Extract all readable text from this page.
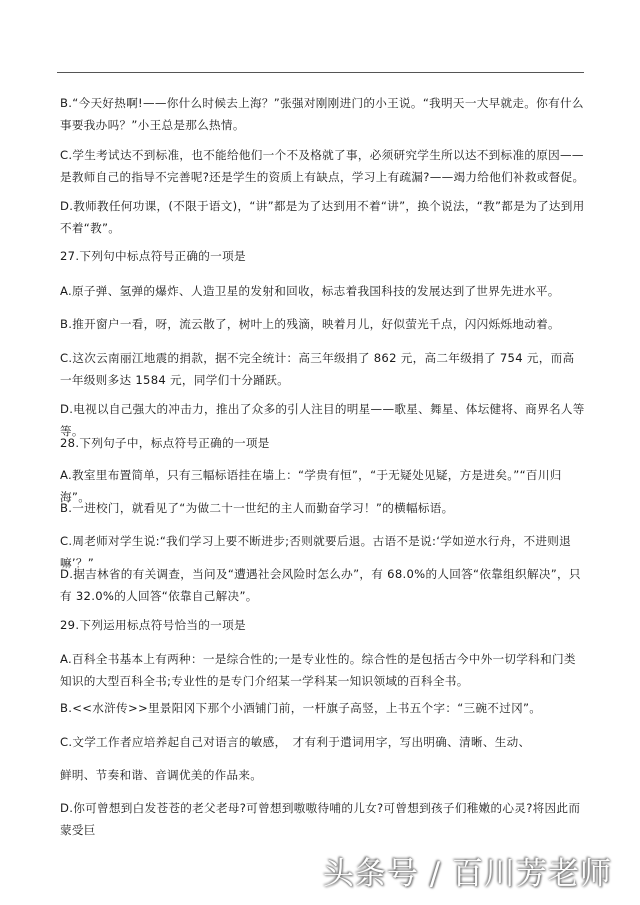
B.“今天好热啊!——你什么时候去上海？”张强对刚刚进门的小王说。“我明天一大早就走。你有什么事要我办吗？”小王总是那么热情。

C.学生考试达不到标准，也不能给他们一个不及格就了事，必须研究学生所以达不到标准的原因——是教师自己的指导不完善呢?还是学生的资质上有缺点，学习上有疏漏?——竭力给他们补救或督促。

D.教师教任何功课，(不限于语文)，“讲”都是为了达到用不着“讲”，换个说法，“教”都是为了达到用不着“教”。

27.下列句中标点符号正确的一项是

A.原子弹、氢弹的爆炸、人造卫星的发射和回收，标志着我国科技的发展达到了世界先进水平。

B.推开窗户一看，呀，流云散了，树叶上的残滴，映着月儿，好似萤光千点，闪闪烁烁地动着。

C.这次云南丽江地震的捐款，据不完全统计：高三年级捐了 862 元，高二年级捐了 754 元，而高一年级则多达 1584 元，同学们十分踊跃。

D.电视以自己强大的冲击力，推出了众多的引人注目的明星——歌星、舞星、体坛健将、商界名人等等。

28.下列句子中，标点符号正确的一项是

A.教室里布置简单，只有三幅标语挂在墙上：“学贵有恒”，“于无疑处见疑，方是进矣。”“百川归海”。

B.一进校门，就看见了“为做二十一世纪的主人而勤奋学习！”的横幅标语。

C.周老师对学生说:“我们学习上要不断进步;否则就要后退。古语不是说:‘学如逆水行舟，不进则退嘛’？”

D.据吉林省的有关调查，当问及“遭遇社会风险时怎么办”，有 68.0%的人回答“依靠组织解决”，只有 32.0%的人回答“依靠自己解决”。

29.下列运用标点符号恰当的一项是

A.百科全书基本上有两种：一是综合性的;一是专业性的。综合性的是包括古今中外一切学科和门类知识的大型百科全书;专业性的是专门介绍某一学科某一知识领域的百科全书。

B.<<水浒传>>里景阳冈下那个小酒铺门前，一杆旗子高竖，上书五个字：“三碗不过冈”。

C.文学工作者应培养起自己对语言的敏感，　才有利于遣词用字，写出明确、清晰、生动、

鲜明、节奏和谐、音调优美的作品来。

D.你可曾想到白发苍苍的老父老母?可曾想到嗷嗷待哺的儿女?可曾想到孩子们稚嫩的心灵?将因此而蒙受巨

头条号 / 百川芳老师
